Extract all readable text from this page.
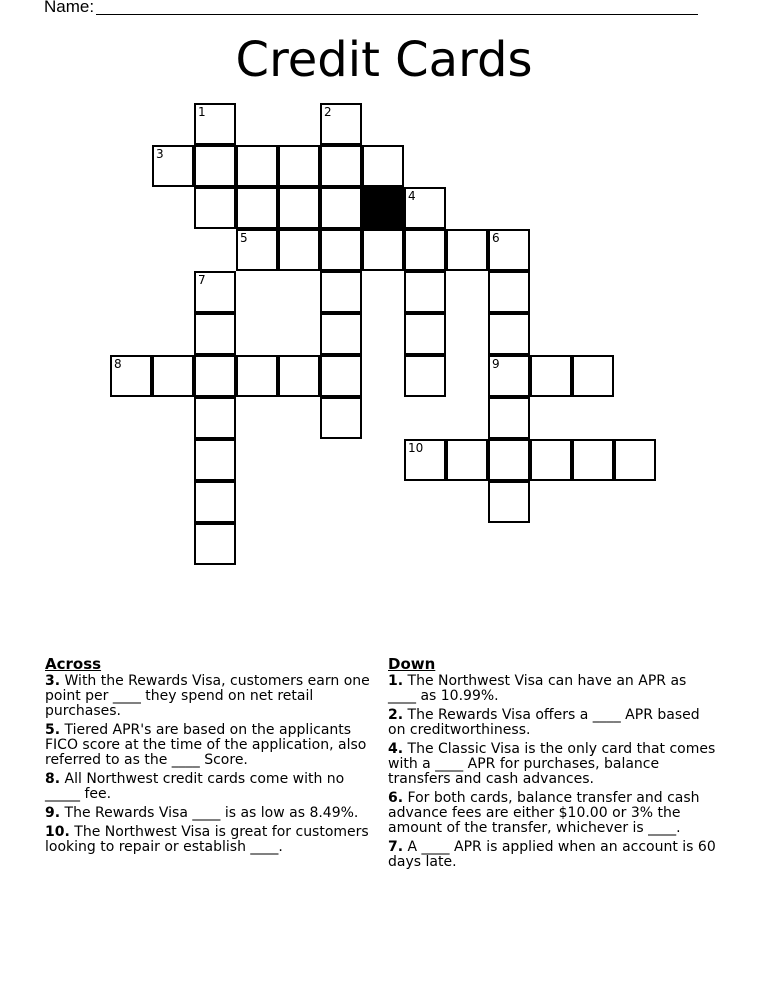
Name:
Credit Cards
1	2
3
4
5	6
7
8	9
10
Across
3. With the Rewards Visa, customers earn one point per ____ they spend on net retail purchases.
5. Tiered APR's are based on the applicants FICO score at the time of the application, also referred to as the ____ Score.
8. All Northwest credit cards come with no _____ fee.
9. The Rewards Visa ____ is as low as 8.49%.
10. The Northwest Visa is great for customers looking to repair or establish ____.
Down
1. The Northwest Visa can have an APR as ____ as 10.99%.
2. The Rewards Visa offers a ____ APR based on creditworthiness.
4. The Classic Visa is the only card that comes with a ____ APR for purchases, balance transfers and cash advances.
6. For both cards, balance transfer and cash advance fees are either $10.00 or 3% the amount of the transfer, whichever is ____.
7. A ____ APR is applied when an account is 60 days late.
